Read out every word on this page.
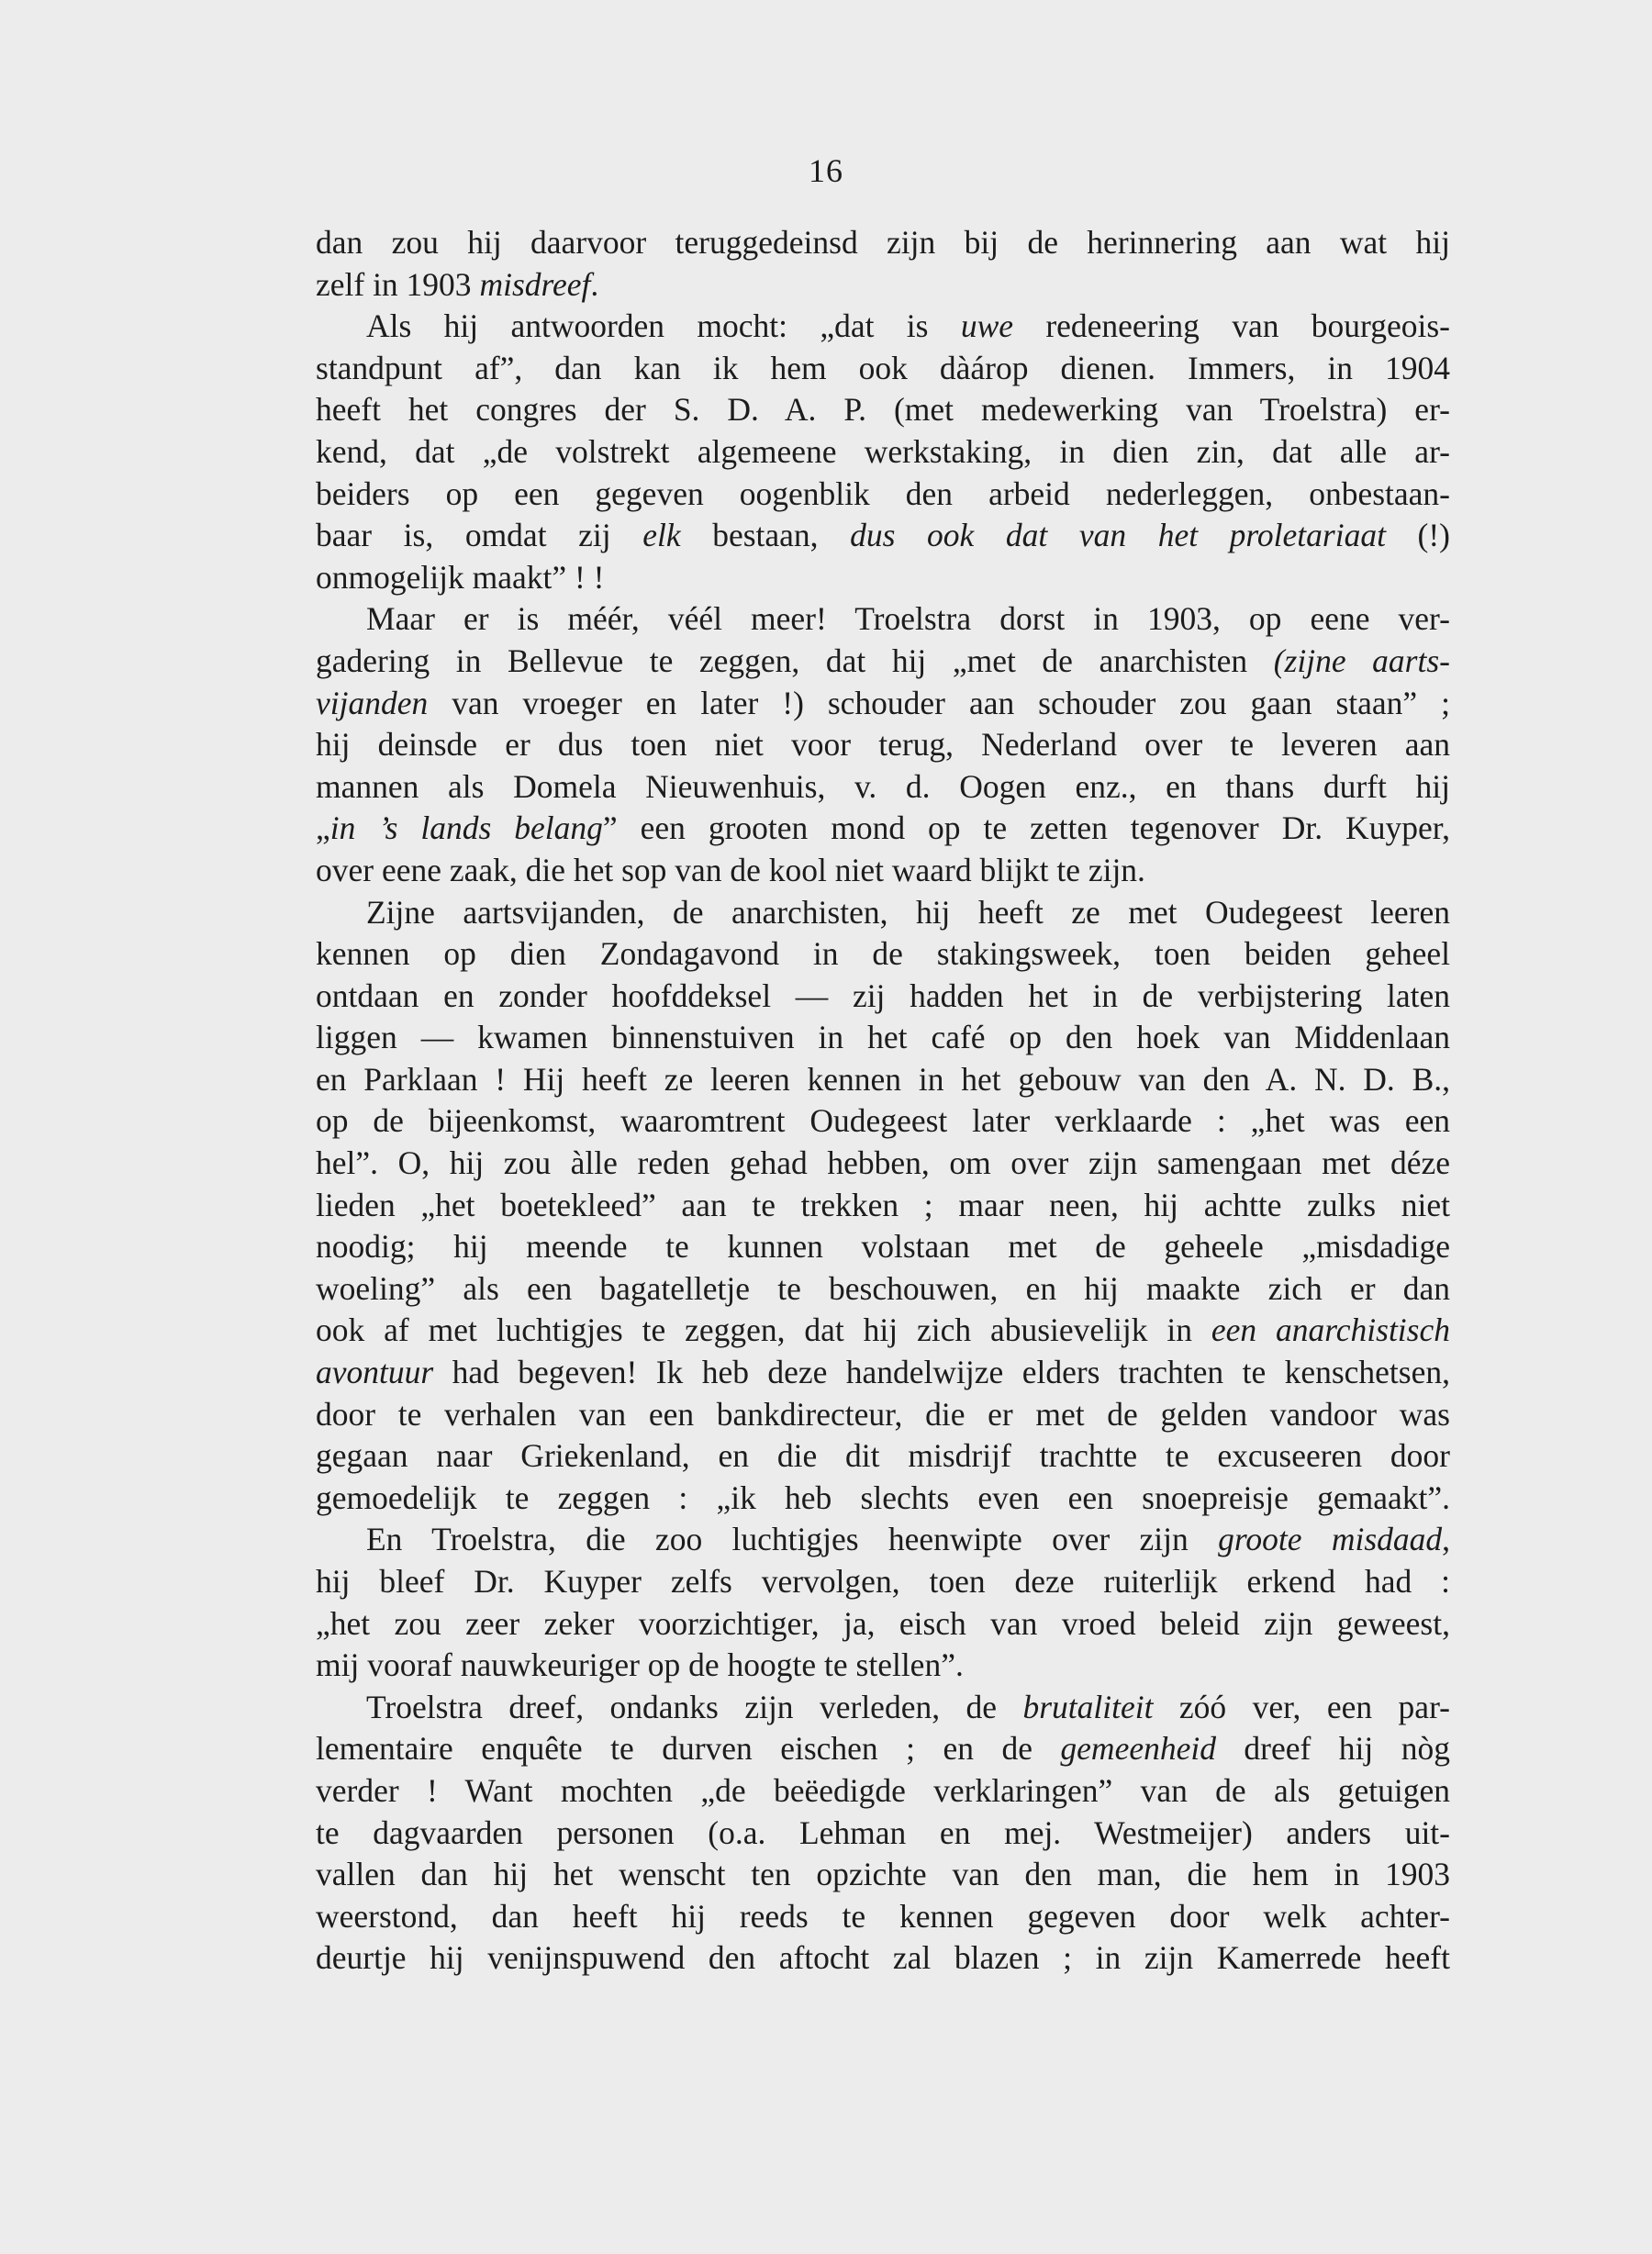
16
dan zou hij daarvoor teruggedeinsd zijn bij de herinnering aan wat hij
zelf in 1903 misdreef.
Als hij antwoorden mocht: „dat is uwe redeneering van bourgeois-
standpunt af”, dan kan ik hem ook dàárop dienen. Immers, in 1904
heeft het congres der S. D. A. P. (met medewerking van Troelstra) er-
kend, dat „de volstrekt algemeene werkstaking, in dien zin, dat alle ar-
beiders op een gegeven oogenblik den arbeid nederleggen, onbestaan-
baar is, omdat zij elk bestaan, dus ook dat van het proletariaat (!)
onmogelijk maakt” ! !
Maar er is méér, véél meer! Troelstra dorst in 1903, op eene ver-
gadering in Bellevue te zeggen, dat hij „met de anarchisten (zijne aarts-
vijanden van vroeger en later !) schouder aan schouder zou gaan staan” ;
hij deinsde er dus toen niet voor terug, Nederland over te leveren aan
mannen als Domela Nieuwenhuis, v. d. Oogen enz., en thans durft hij
„in ’s lands belang” een grooten mond op te zetten tegenover Dr. Kuyper,
over eene zaak, die het sop van de kool niet waard blijkt te zijn.
Zijne aartsvijanden, de anarchisten, hij heeft ze met Oudegeest leeren
kennen op dien Zondagavond in de stakingsweek, toen beiden geheel
ontdaan en zonder hoofddeksel — zij hadden het in de verbijstering laten
liggen — kwamen binnenstuiven in het café op den hoek van Middenlaan
en Parklaan ! Hij heeft ze leeren kennen in het gebouw van den A. N. D. B.,
op de bijeenkomst, waaromtrent Oudegeest later verklaarde : „het was een
hel”. O, hij zou àlle reden gehad hebben, om over zijn samengaan met déze
lieden „het boetekleed” aan te trekken ; maar neen, hij achtte zulks niet
noodig; hij meende te kunnen volstaan met de geheele „misdadige
woeling” als een bagatelletje te beschouwen, en hij maakte zich er dan
ook af met luchtigjes te zeggen, dat hij zich abusievelijk in een anarchistisch
avontuur had begeven! Ik heb deze handelwijze elders trachten te kenschetsen,
door te verhalen van een bankdirecteur, die er met de gelden vandoor was
gegaan naar Griekenland, en die dit misdrijf trachtte te excuseeren door
gemoedelijk te zeggen : „ik heb slechts even een snoepreisje gemaakt”.
En Troelstra, die zoo luchtigjes heenwipte over zijn groote misdaad,
hij bleef Dr. Kuyper zelfs vervolgen, toen deze ruiterlijk erkend had :
„het zou zeer zeker voorzichtiger, ja, eisch van vroed beleid zijn geweest,
mij vooraf nauwkeuriger op de hoogte te stellen”.
Troelstra dreef, ondanks zijn verleden, de brutaliteit zóó ver, een par-
lementaire enquête te durven eischen ; en de gemeenheid dreef hij nòg
verder ! Want mochten „de beëedigde verklaringen” van de als getuigen
te dagvaarden personen (o.a. Lehman en mej. Westmeijer) anders uit-
vallen dan hij het wenscht ten opzichte van den man, die hem in 1903
weerstond, dan heeft hij reeds te kennen gegeven door welk achter-
deurtje hij venijnspuwend den aftocht zal blazen ; in zijn Kamerrede heeft
